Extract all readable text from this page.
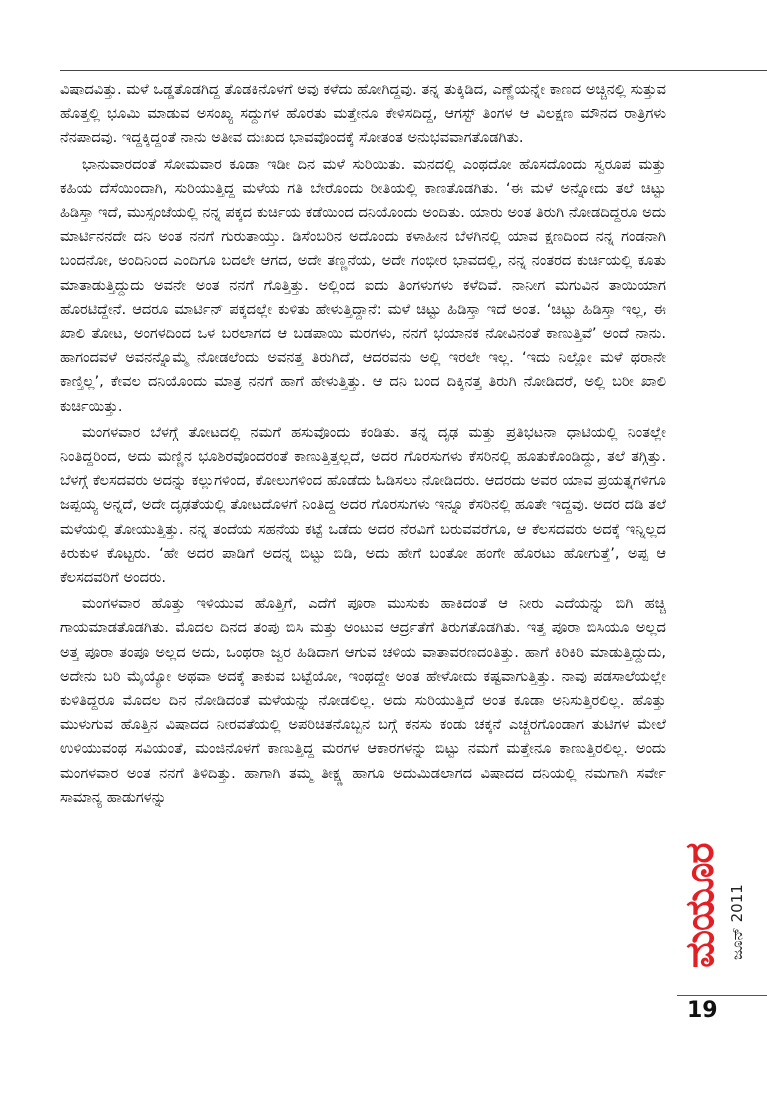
ವಿಷಾದವಿತ್ತು. ಮಳೆ ಒಡ್ಡತೊಡಗಿದ್ದ ತೊಡಕಿನೊಳಗೆ ಅವು ಕಳೆದು ಹೋಗಿದ್ದವು. ತನ್ನ ತುಕ್ಕಿಡಿದ, ಎಣ್ಣೆಯನ್ನೇ ಕಾಣದ ಅಚ್ಚಿನಲ್ಲಿ ಸುತ್ತುವ ಹೊತ್ತಲ್ಲಿ ಭೂಮಿ ಮಾಡುವ ಅಸಂಖ್ಯ ಸದ್ದುಗಳ ಹೊರತು ಮತ್ತೇನೂ ಕೇಳಿಸದಿದ್ದ, ಆಗಸ್ಟ್ ತಿಂಗಳ ಆ ವಿಲಕ್ಷಣ ಮೌನದ ರಾತ್ರಿಗಳು ನೆನಪಾದವು. ಇದ್ದಕ್ಕಿದ್ದಂತೆ ನಾನು ಅತೀವ ದುಃಖದ ಭಾವವೊಂದಕ್ಕೆ ಸೋತಂತ ಅನುಭವವಾಗತೊಡಗಿತು.

ಭಾನುವಾರದಂತೆ ಸೋಮವಾರ ಕೂಡಾ ಇಡೀ ದಿನ ಮಳೆ ಸುರಿಯಿತು. ಮನದಲ್ಲಿ ಎಂಥದೋ ಹೊಸದೊಂದು ಸ್ವರೂಪ ಮತ್ತು ಕಹಿಯ ದೆಸೆಯಿಂದಾಗಿ, ಸುರಿಯುತ್ತಿದ್ದ ಮಳೆಯ ಗತಿ ಬೇರೊಂದು ರೀತಿಯಲ್ಲಿ ಕಾಣತೊಡಗಿತು. ‘ಈ ಮಳೆ ಅನ್ನೋದು ತಲೆ ಚಿಟ್ಟು ಹಿಡಿಸ್ತಾ ಇದೆ, ಮುಸ್ಸಂಜೆಯಲ್ಲಿ ನನ್ನ ಪಕ್ಕದ ಕುರ್ಚಿಯ ಕಡೆಯಿಂದ ದನಿಯೊಂದು ಅಂದಿತು. ಯಾರು ಅಂತ ತಿರುಗಿ ನೋಡದಿದ್ದರೂ ಅದು ಮಾರ್ಟಿನನದೇ ದನಿ ಅಂತ ನನಗೆ ಗುರುತಾಯ್ತು. ಡಿಸೆಂಬರಿನ ಅದೊಂದು ಕಳಾಹೀನ ಬೆಳಗಿನಲ್ಲಿ ಯಾವ ಕ್ಷಣದಿಂದ ನನ್ನ ಗಂಡನಾಗಿ ಬಂದನೋ, ಅಂದಿನಿಂದ ಎಂದಿಗೂ ಬದಲೇ ಆಗದ, ಅದೇ ತಣ್ಣನೆಯ, ಅದೇ ಗಂಭೀರ ಭಾವದಲ್ಲಿ, ನನ್ನ ನಂತರದ ಕುರ್ಚಿಯಲ್ಲಿ ಕೂತು ಮಾತಾಡುತ್ತಿದ್ದುದು ಅವನೇ ಅಂತ ನನಗೆ ಗೊತ್ತಿತ್ತು. ಅಲ್ಲಿಂದ ಐದು ತಿಂಗಳುಗಳು ಕಳೆದಿವೆ. ನಾನೀಗ ಮಗುವಿನ ತಾಯಿಯಾಗ ಹೊರಟಿದ್ದೇನೆ. ಆದರೂ ಮಾರ್ಟಿನ್ ಪಕ್ಕದಲ್ಲೇ ಕುಳಿತು ಹೇಳುತ್ತಿದ್ದಾನೆ: ಮಳೆ ಚಿಟ್ಟು ಹಿಡಿಸ್ತಾ ಇದೆ ಅಂತ. ‘ಚಿಟ್ಟು ಹಿಡಿಸ್ತಾ ಇಲ್ಲ, ಈ ಖಾಲಿ ತೋಟ, ಅಂಗಳದಿಂದ ಒಳ ಬರಲಾಗದ ಆ ಬಡಪಾಯಿ ಮರಗಳು, ನನಗೆ ಭಯಾನಕ ನೋವಿನಂತೆ ಕಾಣುತ್ತಿವೆ’ ಅಂದೆ ನಾನು. ಹಾಗಂದವಳೆ ಅವನನ್ನೊಮ್ಮೆ ನೋಡಲೆಂದು ಅವನತ್ತ ತಿರುಗಿದೆ, ಆದರವನು ಅಲ್ಲಿ ಇರಲೇ ಇಲ್ಲ. ‘ಇದು ನಿಲ್ಲೋ ಮಳೆ ಥರಾನೇ ಕಾಣ್ತಿಲ್ಲ’, ಕೇವಲ ದನಿಯೊಂದು ಮಾತ್ರ ನನಗೆ ಹಾಗೆ ಹೇಳುತ್ತಿತ್ತು. ಆ ದನಿ ಬಂದ ದಿಕ್ಕಿನತ್ತ ತಿರುಗಿ ನೋಡಿದರೆ, ಅಲ್ಲಿ ಬರೀ ಖಾಲಿ ಕುರ್ಚಿಯಿತ್ತು.

ಮಂಗಳವಾರ ಬೆಳಗ್ಗೆ ತೋಟದಲ್ಲಿ ನಮಗೆ ಹಸುವೊಂದು ಕಂಡಿತು. ತನ್ನ ದೃಢ ಮತ್ತು ಪ್ರತಿಭಟನಾ ಧಾಟಿಯಲ್ಲಿ ನಿಂತಲ್ಲೇ ನಿಂತಿದ್ದರಿಂದ, ಅದು ಮಣ್ಣಿನ ಭೂಶಿರವೊಂದರಂತೆ ಕಾಣುತ್ತಿತ್ತಲ್ಲದೆ, ಅದರ ಗೊರಸುಗಳು ಕೆಸರಿನಲ್ಲಿ ಹೂತುಕೊಂಡಿದ್ದು, ತಲೆ ತಗ್ಗಿತ್ತು. ಬೆಳಗ್ಗೆ ಕೆಲಸದವರು ಅದನ್ನು ಕಲ್ಲುಗಳಿಂದ, ಕೋಲುಗಳಿಂದ ಹೊಡೆದು ಓಡಿಸಲು ನೋಡಿದರು. ಆದರದು ಅವರ ಯಾವ ಪ್ರಯತ್ನಗಳಿಗೂ ಜಪ್ಪಯ್ಯ ಅನ್ನದೆ, ಅದೇ ದೃಢತೆಯಲ್ಲಿ ತೋಟದೊಳಗೆ ನಿಂತಿದ್ದ ಅದರ ಗೊರಸುಗಳು ಇನ್ನೂ ಕೆಸರಿನಲ್ಲಿ ಹೂತೇ ಇದ್ದವು. ಅದರ ದಡಿ ತಲೆ ಮಳೆಯಲ್ಲಿ ತೋಯುತ್ತಿತ್ತು. ನನ್ನ ತಂದೆಯ ಸಹನೆಯ ಕಟ್ಟೆ ಒಡೆದು ಅದರ ನೆರವಿಗೆ ಬರುವವರೆಗೂ, ಆ ಕೆಲಸದವರು ಅದಕ್ಕೆ ಇನ್ನಿಲ್ಲದ ಕಿರುಕುಳ ಕೊಟ್ಟರು. ‘ಹೇ ಅದರ ಪಾಡಿಗೆ ಅದನ್ನ ಬಿಟ್ಟು ಬಿಡಿ, ಅದು ಹೇಗೆ ಬಂತೋ ಹಂಗೇ ಹೊರಟು ಹೋಗುತ್ತೆ’, ಅಪ್ಪ ಆ ಕೆಲಸದವರಿಗೆ ಅಂದರು.

ಮಂಗಳವಾರ ಹೊತ್ತು ಇಳಿಯುವ ಹೊತ್ತಿಗೆ, ಎದೆಗೆ ಪೂರಾ ಮುಸುಕು ಹಾಕಿದಂತೆ ಆ ನೀರು ಎದೆಯನ್ನು ಬಿಗಿ ಹಚ್ಚಿ ಗಾಯಮಾಡತೊಡಗಿತು. ಮೊದಲ ದಿನದ ತಂಪು ಬಿಸಿ ಮತ್ತು ಅಂಟುವ ಆರ್ದ್ರತೆಗೆ ತಿರುಗತೊಡಗಿತು. ಇತ್ತ ಪೂರಾ ಬಿಸಿಯೂ ಅಲ್ಲದ ಅತ್ತ ಪೂರಾ ತಂಪೂ ಅಲ್ಲದ ಅದು, ಒಂಥರಾ ಜ್ವರ ಹಿಡಿದಾಗ ಆಗುವ ಚಳಿಯ ವಾತಾವರಣದಂತಿತ್ತು. ಹಾಗೆ ಕಿರಿಕಿರಿ ಮಾಡುತ್ತಿದ್ದುದು, ಅದೇನು ಬರಿ ಮೈಯ್ಯೋ ಅಥವಾ ಅದಕ್ಕೆ ತಾಕುವ ಬಟ್ಟೆಯೋ, ಇಂಥದ್ದೇ ಅಂತ ಹೇಳೋದು ಕಷ್ಟವಾಗುತ್ತಿತ್ತು. ನಾವು ಪಡಸಾಲೆಯಲ್ಲೇ ಕುಳಿತಿದ್ದರೂ ಮೊದಲ ದಿನ ನೋಡಿದಂತೆ ಮಳೆಯನ್ನು ನೋಡಲಿಲ್ಲ. ಅದು ಸುರಿಯುತ್ತಿದೆ ಅಂತ ಕೂಡಾ ಅನಿಸುತ್ತಿರಲಿಲ್ಲ. ಹೊತ್ತು ಮುಳುಗುವ ಹೊತ್ತಿನ ವಿಷಾದದ ನೀರವತೆಯಲ್ಲಿ ಅಪರಿಚಿತನೊಬ್ಬನ ಬಗ್ಗೆ ಕನಸು ಕಂಡು ಚಕ್ಕನೆ ಎಚ್ಚರಗೊಂಡಾಗ ತುಟಿಗಳ ಮೇಲೆ ಉಳಿಯುವಂಥ ಸವಿಯಂತೆ, ಮಂಜಿನೊಳಗೆ ಕಾಣುತ್ತಿದ್ದ ಮರಗಳ ಆಕಾರಗಳನ್ನು ಬಿಟ್ಟು ನಮಗೆ ಮತ್ತೇನೂ ಕಾಣುತ್ತಿರಲಿಲ್ಲ. ಅಂದು ಮಂಗಳವಾರ ಅಂತ ನನಗೆ ತಿಳಿದಿತ್ತು. ಹಾಗಾಗಿ ತಮ್ಮ ತೀಕ್ಷ್ಣ ಹಾಗೂ ಅದುಮಿಡಲಾಗದ ವಿಷಾದದ ದನಿಯಲ್ಲಿ ನಮಗಾಗಿ ಸರ್ವೇ ಸಾಮಾನ್ಯ ಹಾಡುಗಳನ್ನು

ಮಯೂರ ಜೂನ್ 2011
19
